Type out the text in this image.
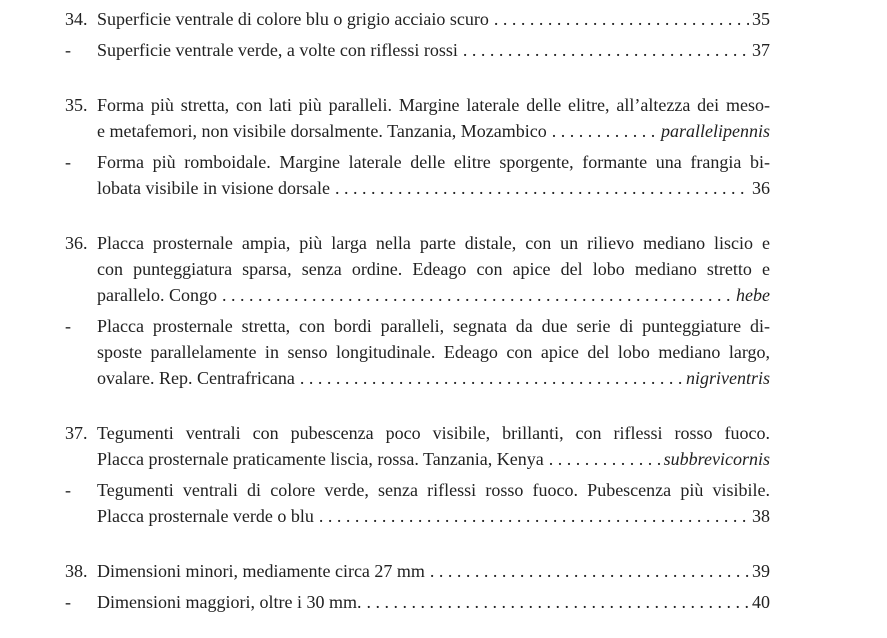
34. Superficie ventrale di colore blu o grigio acciaio scuro . . .	35
-	Superficie ventrale verde, a volte con riflessi rossi . . .	37
35. Forma più stretta, con lati più paralleli. Margine laterale delle elitre, all’altezza dei meso-
e metafemori, non visibile dorsalmente. Tanzania, Mozambico . . .	parallelipennis
-	Forma più romboidale. Margine laterale delle elitre sporgente, formante una frangia bi-
lobata visibile in visione dorsale . . .	36
36. Placca prosternale ampia, più larga nella parte distale, con un rilievo mediano liscio e
con punteggiatura sparsa, senza ordine. Edeago con apice del lobo mediano stretto e
parallelo. Congo . . .	hebe
-	Placca prosternale stretta, con bordi paralleli, segnata da due serie di punteggiature di-
sposte parallelamente in senso longitudinale. Edeago con apice del lobo mediano largo,
ovalare. Rep. Centrafricana . . .	nigriventris
37. Tegumenti ventrali con pubescenza poco visibile, brillanti, con riflessi rosso fuoco.
Placca prosternale praticamente liscia, rossa. Tanzania, Kenya . . .	subbrevicornis
-	Tegumenti ventrali di colore verde, senza riflessi rosso fuoco. Pubescenza più visibile.
Placca prosternale verde o blu . . .	38
38. Dimensioni minori, mediamente circa 27 mm . . .	39
-	Dimensioni maggiori, oltre i 30 mm. . . .	40
